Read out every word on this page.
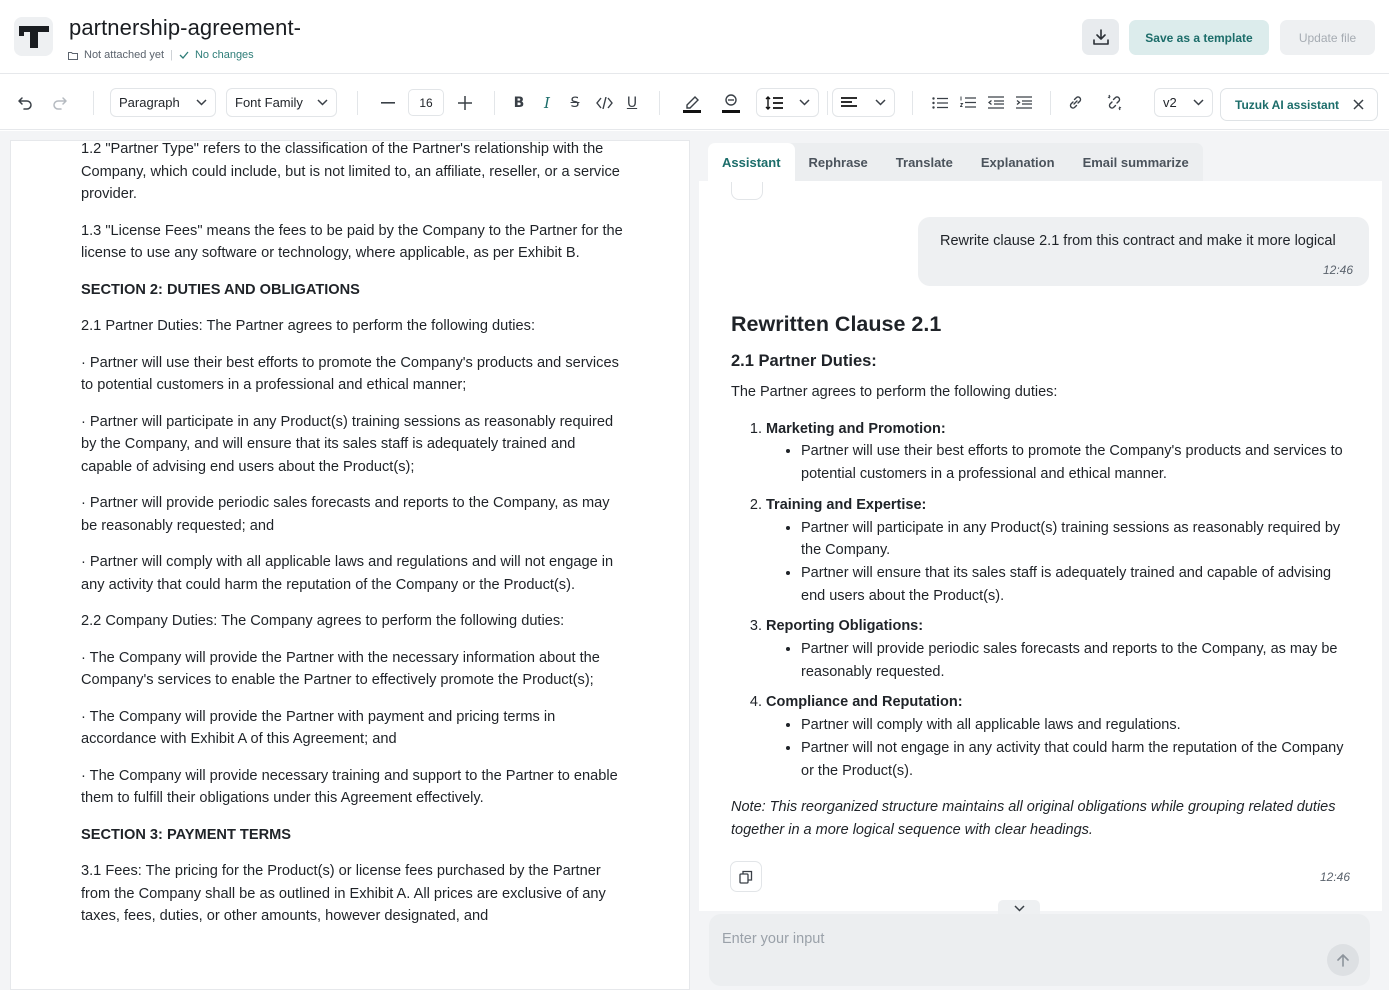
partnership-agreement-
Not attached yet | No changes
Save as a template	Update file
Paragraph	Font Family	16	B I S	U	v2	Tuzuk AI assistant

1.2 "Partner Type" refers to the classification of the Partner's relationship with the Company, which could include, but is not limited to, an affiliate, reseller, or a service provider.

1.3 "License Fees" means the fees to be paid by the Company to the Partner for the license to use any software or technology, where applicable, as per Exhibit B.

SECTION 2: DUTIES AND OBLIGATIONS

2.1 Partner Duties: The Partner agrees to perform the following duties:

· Partner will use their best efforts to promote the Company's products and services to potential customers in a professional and ethical manner;

· Partner will participate in any Product(s) training sessions as reasonably required by the Company, and will ensure that its sales staff is adequately trained and capable of advising end users about the Product(s);

· Partner will provide periodic sales forecasts and reports to the Company, as may be reasonably requested; and

· Partner will comply with all applicable laws and regulations and will not engage in any activity that could harm the reputation of the Company or the Product(s).

2.2 Company Duties: The Company agrees to perform the following duties:

· The Company will provide the Partner with the necessary information about the Company's services to enable the Partner to effectively promote the Product(s);

· The Company will provide the Partner with payment and pricing terms in accordance with Exhibit A of this Agreement; and

· The Company will provide necessary training and support to the Partner to enable them to fulfill their obligations under this Agreement effectively.

SECTION 3: PAYMENT TERMS

3.1 Fees: The pricing for the Product(s) or license fees purchased by the Partner from the Company shall be as outlined in Exhibit A. All prices are exclusive of any taxes, fees, duties, or other amounts, however designated, and

Assistant	Rephrase	Translate	Explanation	Email summarize
Rewrite clause 2.1 from this contract and make it more logical
12:46
Rewritten Clause 2.1
2.1 Partner Duties:
The Partner agrees to perform the following duties:
1. Marketing and Promotion:
• Partner will use their best efforts to promote the Company's products and services to potential customers in a professional and ethical manner.
2. Training and Expertise:
• Partner will participate in any Product(s) training sessions as reasonably required by the Company.
• Partner will ensure that its sales staff is adequately trained and capable of advising end users about the Product(s).
3. Reporting Obligations:
• Partner will provide periodic sales forecasts and reports to the Company, as may be reasonably requested.
4. Compliance and Reputation:
• Partner will comply with all applicable laws and regulations.
• Partner will not engage in any activity that could harm the reputation of the Company or the Product(s).
Note: This reorganized structure maintains all original obligations while grouping related duties together in a more logical sequence with clear headings.
12:46
Enter your input
